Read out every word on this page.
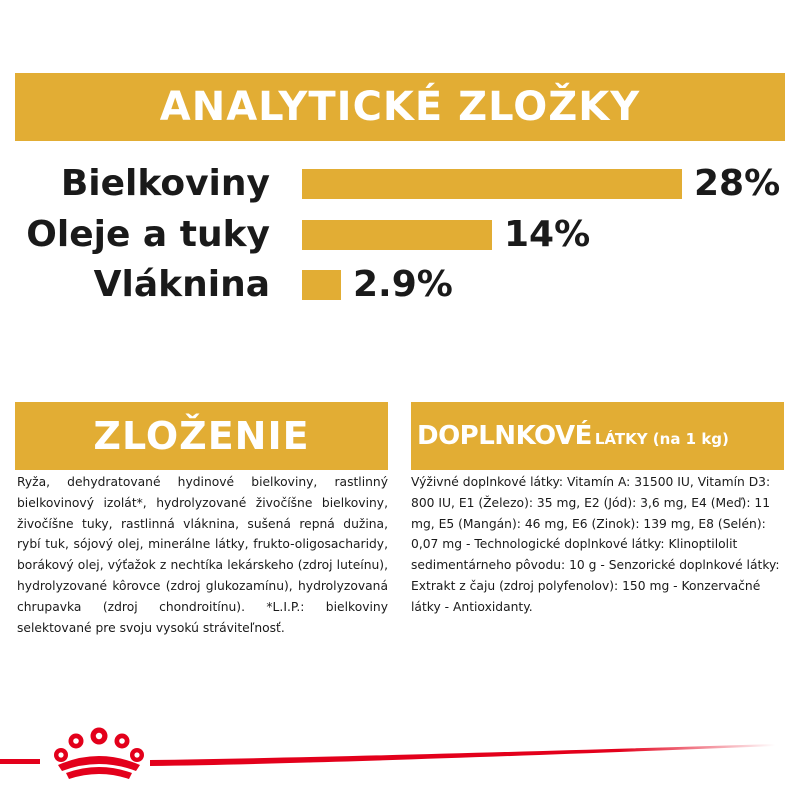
ANALYTICKÉ ZLOŽKY
Bielkoviny	28%
Oleje a tuky	14%
Vláknina 2.9%
ZLOŽENIE

Ryža, dehydratované hydinové bielkoviny, rastlinný bielkovinový izolát*, hydrolyzované živočíšne bielkoviny, živočíšne tuky, rastlinná vláknina, sušená repná dužina, rybí tuk, sójový olej, minerálne látky, frukto-oligosacharidy, borákový olej, výťažok z nechtíka lekárskeho (zdroj luteínu), hydrolyzované kôrovce (zdroj glukozamínu), hydrolyzovaná chrupavka (zdroj chondroitínu). *L.I.P.: bielkoviny selektované pre svoju vysokú stráviteľnosť.

DOPLNKOVÉ LÁTKY (na 1 kg)

Výživné doplnkové látky: Vitamín A: 31500 IU, Vitamín D3: 800 IU, E1 (Železo): 35 mg, E2 (Jód): 3,6 mg, E4 (Meď): 11 mg, E5 (Mangán): 46 mg, E6 (Zinok): 139 mg, E8 (Selén): 0,07 mg - Technologické doplnkové látky: Klinoptilolit sedimentárneho pôvodu: 10 g - Senzorické doplnkové látky: Extrakt z čaju (zdroj polyfenolov): 150 mg - Konzervačné látky - Antioxidanty.
